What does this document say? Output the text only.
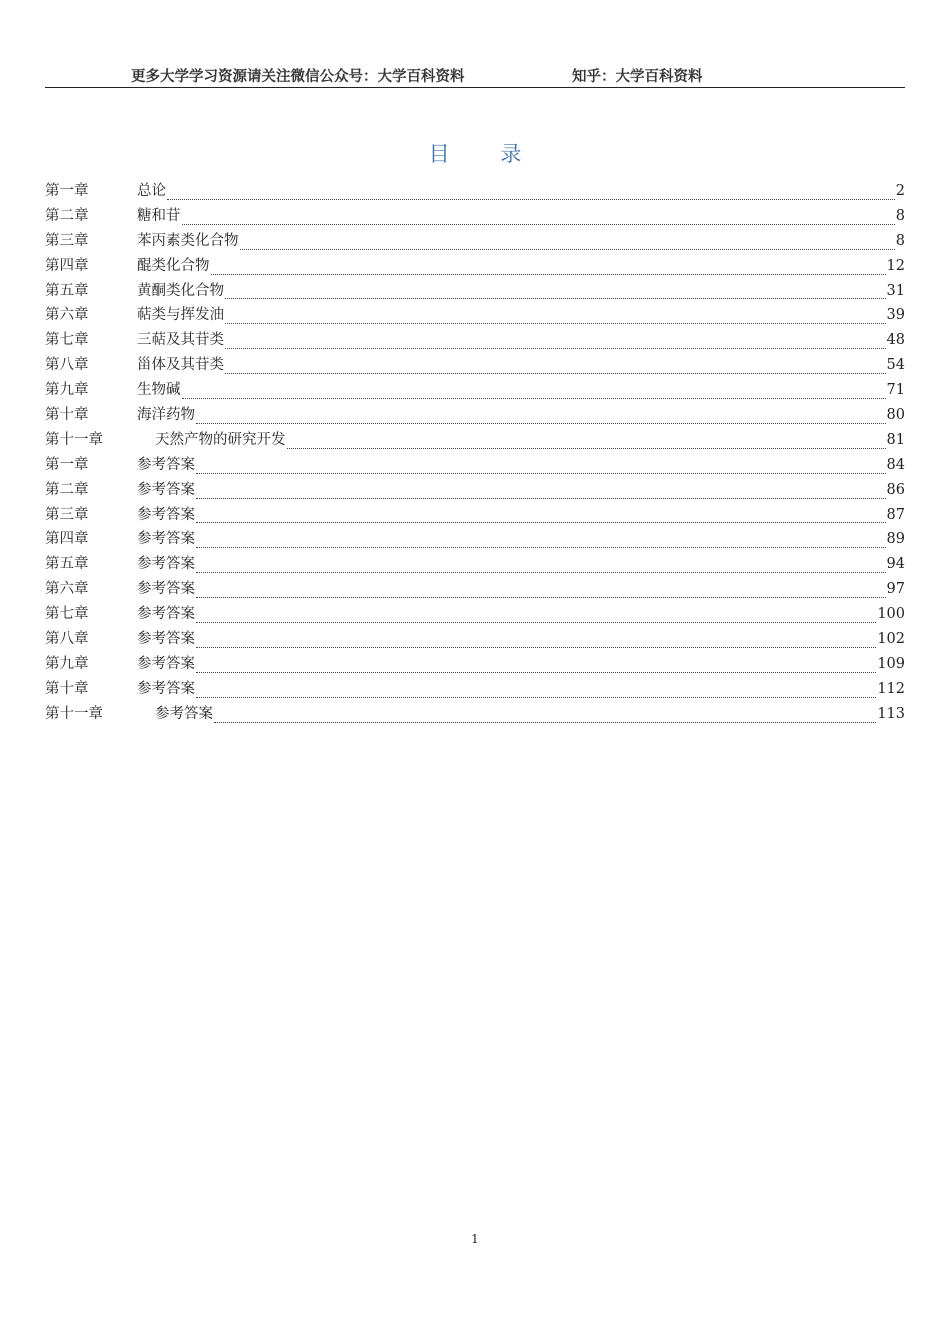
更多大学学习资源请关注微信公众号：大学百科资料	知乎：大学百科资料
目 录
第一章	总论	2
第二章	糖和苷	8
第三章	苯丙素类化合物	8
第四章	醌类化合物	12
第五章	黄酮类化合物	31
第六章	萜类与挥发油	39
第七章	三萜及其苷类	48
第八章	甾体及其苷类	54
第九章	生物碱	71
第十章	海洋药物	80
第十一章	天然产物的研究开发	81
第一章	参考答案	84
第二章	参考答案	86
第三章	参考答案	87
第四章	参考答案	89
第五章	参考答案	94
第六章	参考答案	97
第七章	参考答案	100
第八章	参考答案	102
第九章	参考答案	109
第十章	参考答案	112
第十一章	参考答案	113
1
